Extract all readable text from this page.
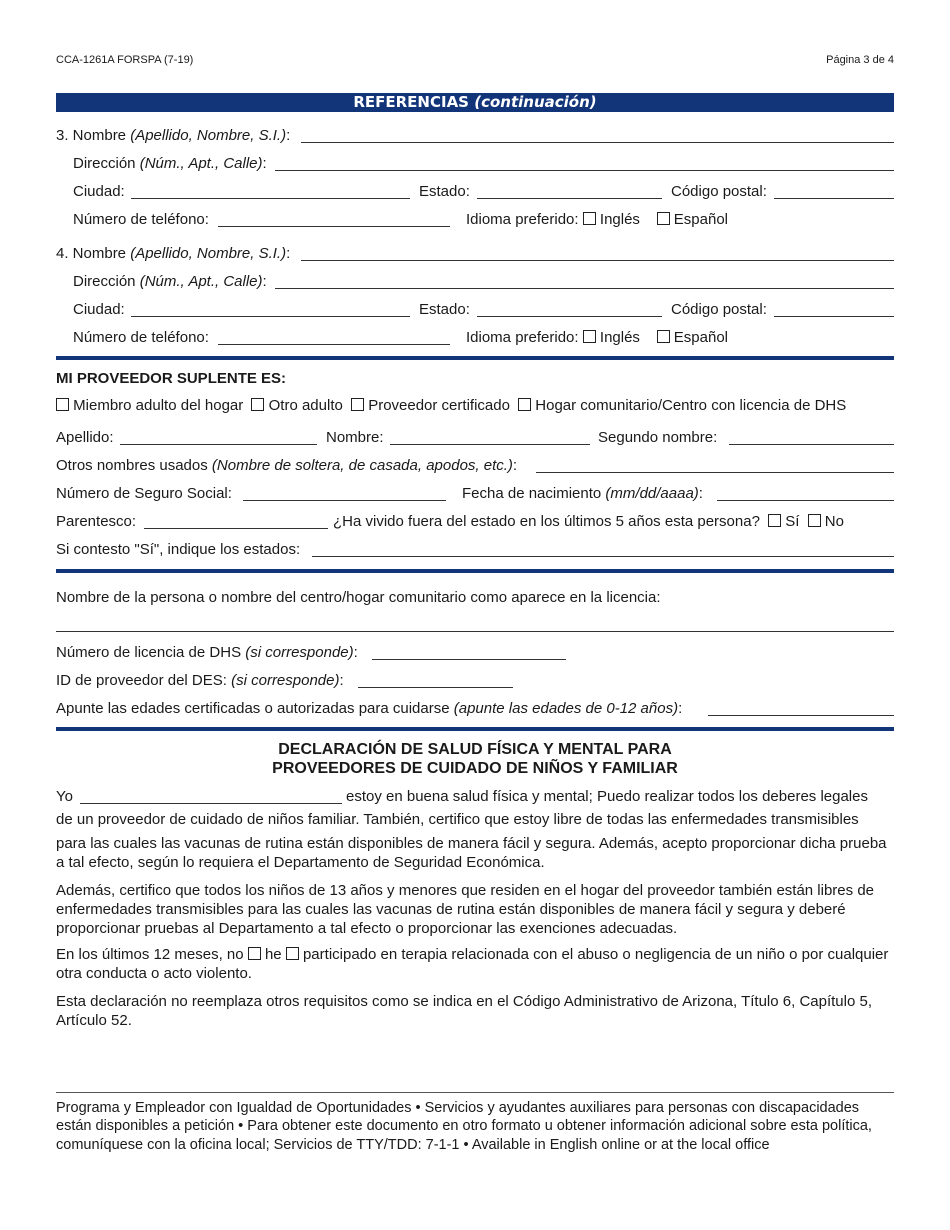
CCA-1261A FORSPA (7-19)	Página 3 de 4
REFERENCIAS (continuación)
3. Nombre (Apellido, Nombre, S.I.):
Dirección (Núm., Apt., Calle):
Ciudad:	Estado:	Código postal:
Número de teléfono:	Idioma preferido: Inglés Español
4. Nombre (Apellido, Nombre, S.I.):
Dirección (Núm., Apt., Calle):
Ciudad:	Estado:	Código postal:
Número de teléfono:	Idioma preferido: Inglés Español
MI PROVEEDOR SUPLENTE ES:
Miembro adulto del hogar Otro adulto Proveedor certificado Hogar comunitario/Centro con licencia de DHS
Apellido:	Nombre:	Segundo nombre:
Otros nombres usados (Nombre de soltera, de casada, apodos, etc.):
Número de Seguro Social:	Fecha de nacimiento (mm/dd/aaaa):
Parentesco:	¿Ha vivido fuera del estado en los últimos 5 años esta persona? Sí No
Si contesto "Sí", indique los estados:
Nombre de la persona o nombre del centro/hogar comunitario como aparece en la licencia:
Número de licencia de DHS (si corresponde):
ID de proveedor del DES: (si corresponde):
Apunte las edades certificadas o autorizadas para cuidarse (apunte las edades de 0-12 años):
DECLARACIÓN DE SALUD FÍSICA Y MENTAL PARA
PROVEEDORES DE CUIDADO DE NIÑOS Y FAMILIAR
Yo	estoy en buena salud física y mental; Puedo realizar todos los deberes legales
de un proveedor de cuidado de niños familiar. También, certifico que estoy libre de todas las enfermedades transmisibles
para las cuales las vacunas de rutina están disponibles de manera fácil y segura. Además, acepto proporcionar dicha prueba a tal efecto, según lo requiera el Departamento de Seguridad Económica.
Además, certifico que todos los niños de 13 años y menores que residen en el hogar del proveedor también están libres de enfermedades transmisibles para las cuales las vacunas de rutina están disponibles de manera fácil y segura y deberé proporcionar pruebas al Departamento a tal efecto o proporcionar las exenciones adecuadas.
En los últimos 12 meses, no he participado en terapia relacionada con el abuso o negligencia de un niño o por cualquier otra conducta o acto violento.
Esta declaración no reemplaza otros requisitos como se indica en el Código Administrativo de Arizona, Título 6, Capítulo 5, Artículo 52.
Programa y Empleador con Igualdad de Oportunidades • Servicios y ayudantes auxiliares para personas con discapacidades están disponibles a petición • Para obtener este documento en otro formato u obtener información adicional sobre esta política, comuníquese con la oficina local; Servicios de TTY/TDD: 7-1-1 • Available in English online or at the local office
